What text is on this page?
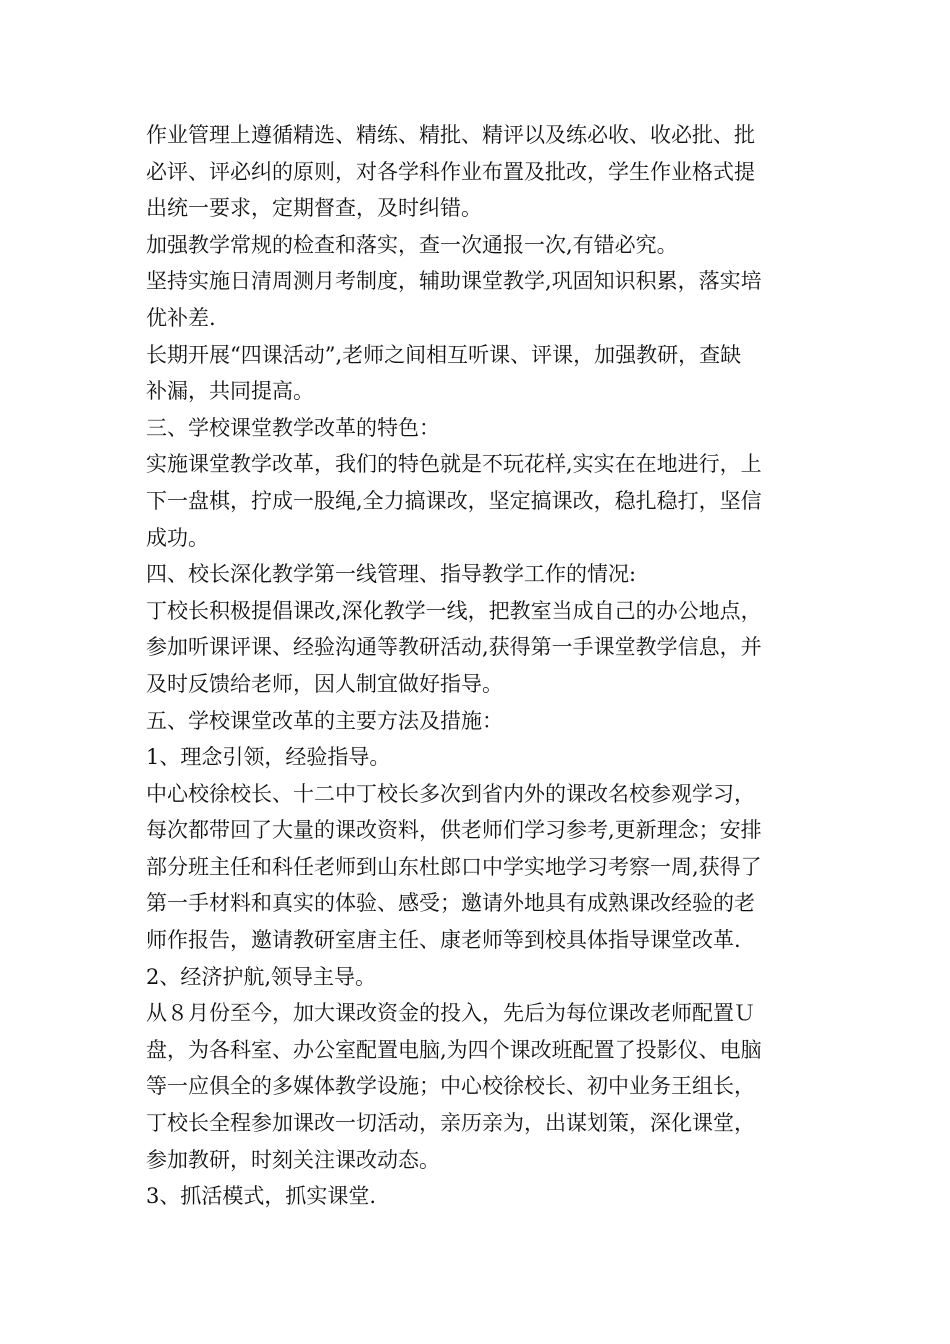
作业管理上遵循精选、精练、精批、精评以及练必收、收必批、批
必评、评必纠的原则，对各学科作业布置及批改，学生作业格式提
出统一要求，定期督查，及时纠错。
加强教学常规的检查和落实，查一次通报一次,有错必究。
坚持实施日清周测月考制度，辅助课堂教学,巩固知识积累，落实培
优补差.
长期开展“四课活动”,老师之间相互听课、评课，加强教研，查缺
补漏，共同提高。
三、学校课堂教学改革的特色：
实施课堂教学改革，我们的特色就是不玩花样,实实在在地进行，上
下一盘棋，拧成一股绳,全力搞课改，坚定搞课改，稳扎稳打，坚信
成功。
四、校长深化教学第一线管理、指导教学工作的情况:
丁校长积极提倡课改,深化教学一线，把教室当成自己的办公地点，
参加听课评课、经验沟通等教研活动,获得第一手课堂教学信息，并
及时反馈给老师，因人制宜做好指导。
五、学校课堂改革的主要方法及措施：
1、理念引领，经验指导。
中心校徐校长、十二中丁校长多次到省内外的课改名校参观学习，
每次都带回了大量的课改资料，供老师们学习参考,更新理念；安排
部分班主任和科任老师到山东杜郎口中学实地学习考察一周,获得了
第一手材料和真实的体验、感受；邀请外地具有成熟课改经验的老
师作报告，邀请教研室唐主任、康老师等到校具体指导课堂改革.
2、经济护航,领导主导。
从８月份至今，加大课改资金的投入，先后为每位课改老师配置Ｕ
盘，为各科室、办公室配置电脑,为四个课改班配置了投影仪、电脑
等一应俱全的多媒体教学设施；中心校徐校长、初中业务王组长，
丁校长全程参加课改一切活动，亲历亲为，出谋划策，深化课堂，
参加教研，时刻关注课改动态。
3、抓活模式，抓实课堂.
